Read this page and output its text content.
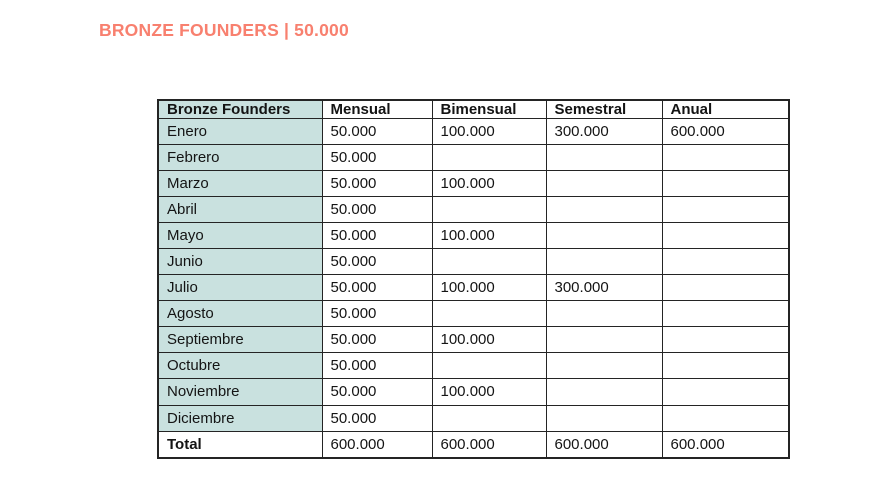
BRONZE FOUNDERS | 50.000
Bronze Founders	Mensual	Bimensual	Semestral	Anual
Enero	50.000	100.000	300.000	600.000
Febrero	50.000			
Marzo	50.000	100.000		
Abril	50.000			
Mayo	50.000	100.000		
Junio	50.000			
Julio	50.000	100.000	300.000	
Agosto	50.000			
Septiembre	50.000	100.000		
Octubre	50.000			
Noviembre	50.000	100.000		
Diciembre	50.000			
Total	600.000	600.000	600.000	600.000
